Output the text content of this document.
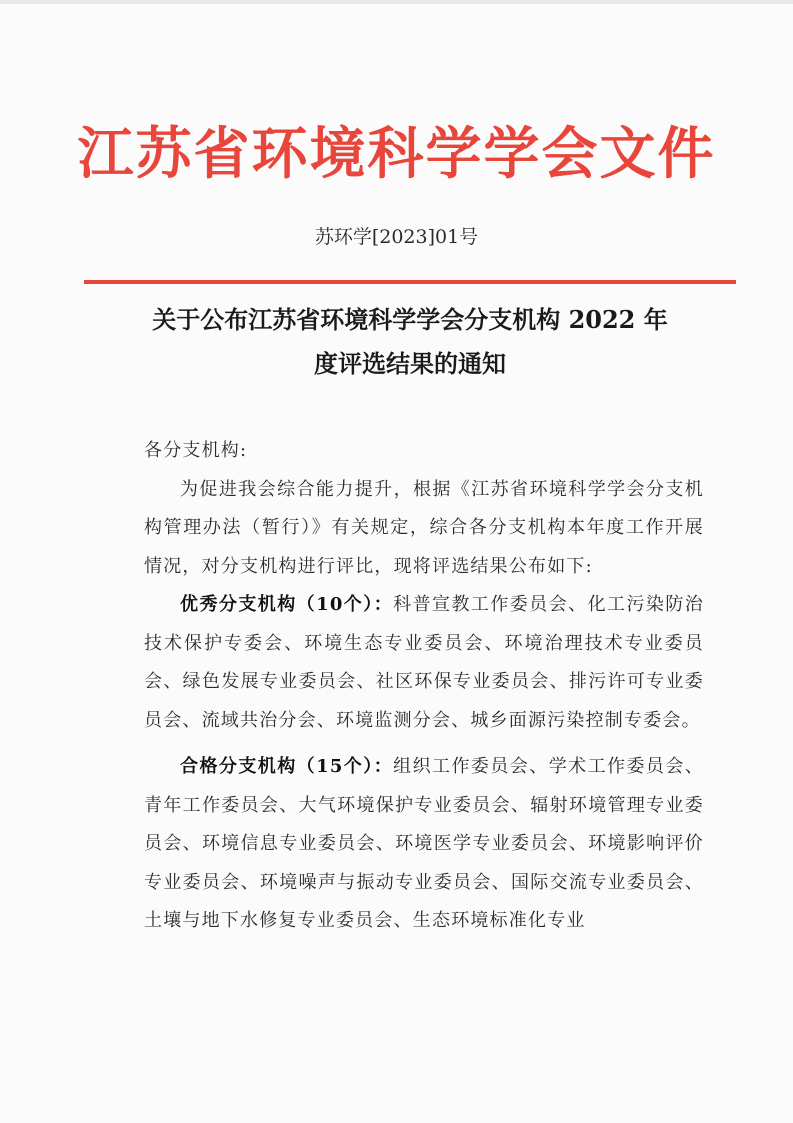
江苏省环境科学学会文件
苏环学[2023]01号
关于公布江苏省环境科学学会分支机构 2022 年
度评选结果的通知

各分支机构:

为促进我会综合能力提升，根据《江苏省环境科学学会分支机构管理办法（暂行）》有关规定，综合各分支机构本年度工作开展情况，对分支机构进行评比，现将评选结果公布如下:

优秀分支机构（10个）：科普宣教工作委员会、化工污染防治技术保护专委会、环境生态专业委员会、环境治理技术专业委员会、绿色发展专业委员会、社区环保专业委员会、排污许可专业委员会、流域共治分会、环境监测分会、城乡面源污染控制专委会。

合格分支机构（15个）：组织工作委员会、学术工作委员会、青年工作委员会、大气环境保护专业委员会、辐射环境管理专业委员会、环境信息专业委员会、环境医学专业委员会、环境影响评价专业委员会、环境噪声与振动专业委员会、国际交流专业委员会、土壤与地下水修复专业委员会、生态环境标准化专业
